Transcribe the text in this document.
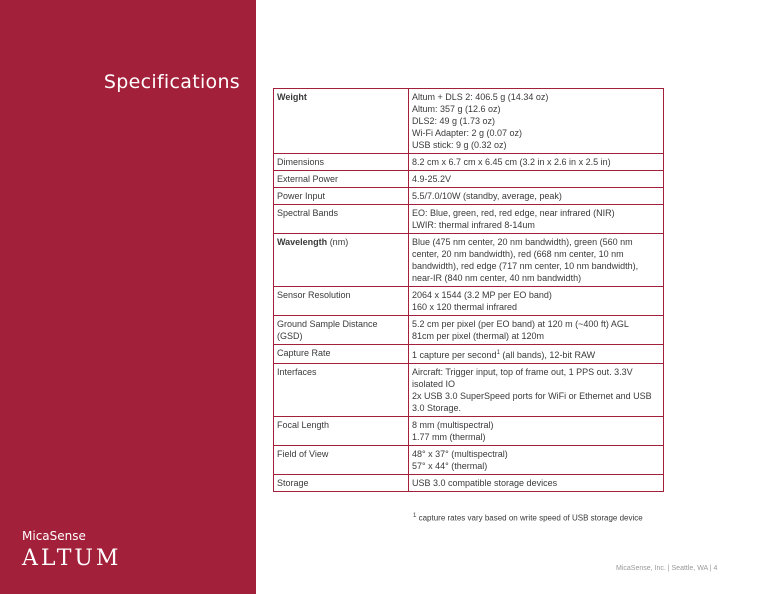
Specifications
MicaSense
ALTUM
Weight	Altum + DLS 2: 406.5 g (14.34 oz)
Altum: 357 g (12.6 oz)
DLS2: 49 g (1.73 oz)
Wi-Fi Adapter: 2 g (0.07 oz)
USB stick: 9 g (0.32 oz)

Dimensions	8.2 cm x 6.7 cm x 6.45 cm (3.2 in x 2.6 in x 2.5 in)

External Power	4.9-25.2V

Power Input	5.5/7.0/10W (standby, average, peak)

Spectral Bands	EO: Blue, green, red, red edge, near infrared (NIR)
LWIR: thermal infrared 8-14um

Wavelength (nm)	Blue (475 nm center, 20 nm bandwidth), green (560 nm center, 20 nm bandwidth), red (668 nm center, 10 nm bandwidth), red edge (717 nm center, 10 nm bandwidth), near-IR (840 nm center, 40 nm bandwidth)

Sensor Resolution	2064 x 1544 (3.2 MP per EO band)
160 x 120 thermal infrared

Ground Sample Distance (GSD)	5.2 cm per pixel (per EO band) at 120 m (~400 ft) AGL
81cm per pixel (thermal) at 120m

Capture Rate	1 capture per second$^1$ (all bands), 12-bit RAW

Interfaces	Aircraft: Trigger input, top of frame out, 1 PPS out. 3.3V isolated IO
2x USB 3.0 SuperSpeed ports for WiFi or Ethernet and USB 3.0 Storage.

Focal Length	8 mm (multispectral)
1.77 mm (thermal)

Field of View	48° x 37° (multispectral)
57° x 44° (thermal)

Storage	USB 3.0 compatible storage devices
$^1$ capture rates vary based on write speed of USB storage device
MicaSense, Inc. | Seattle, WA | 4
